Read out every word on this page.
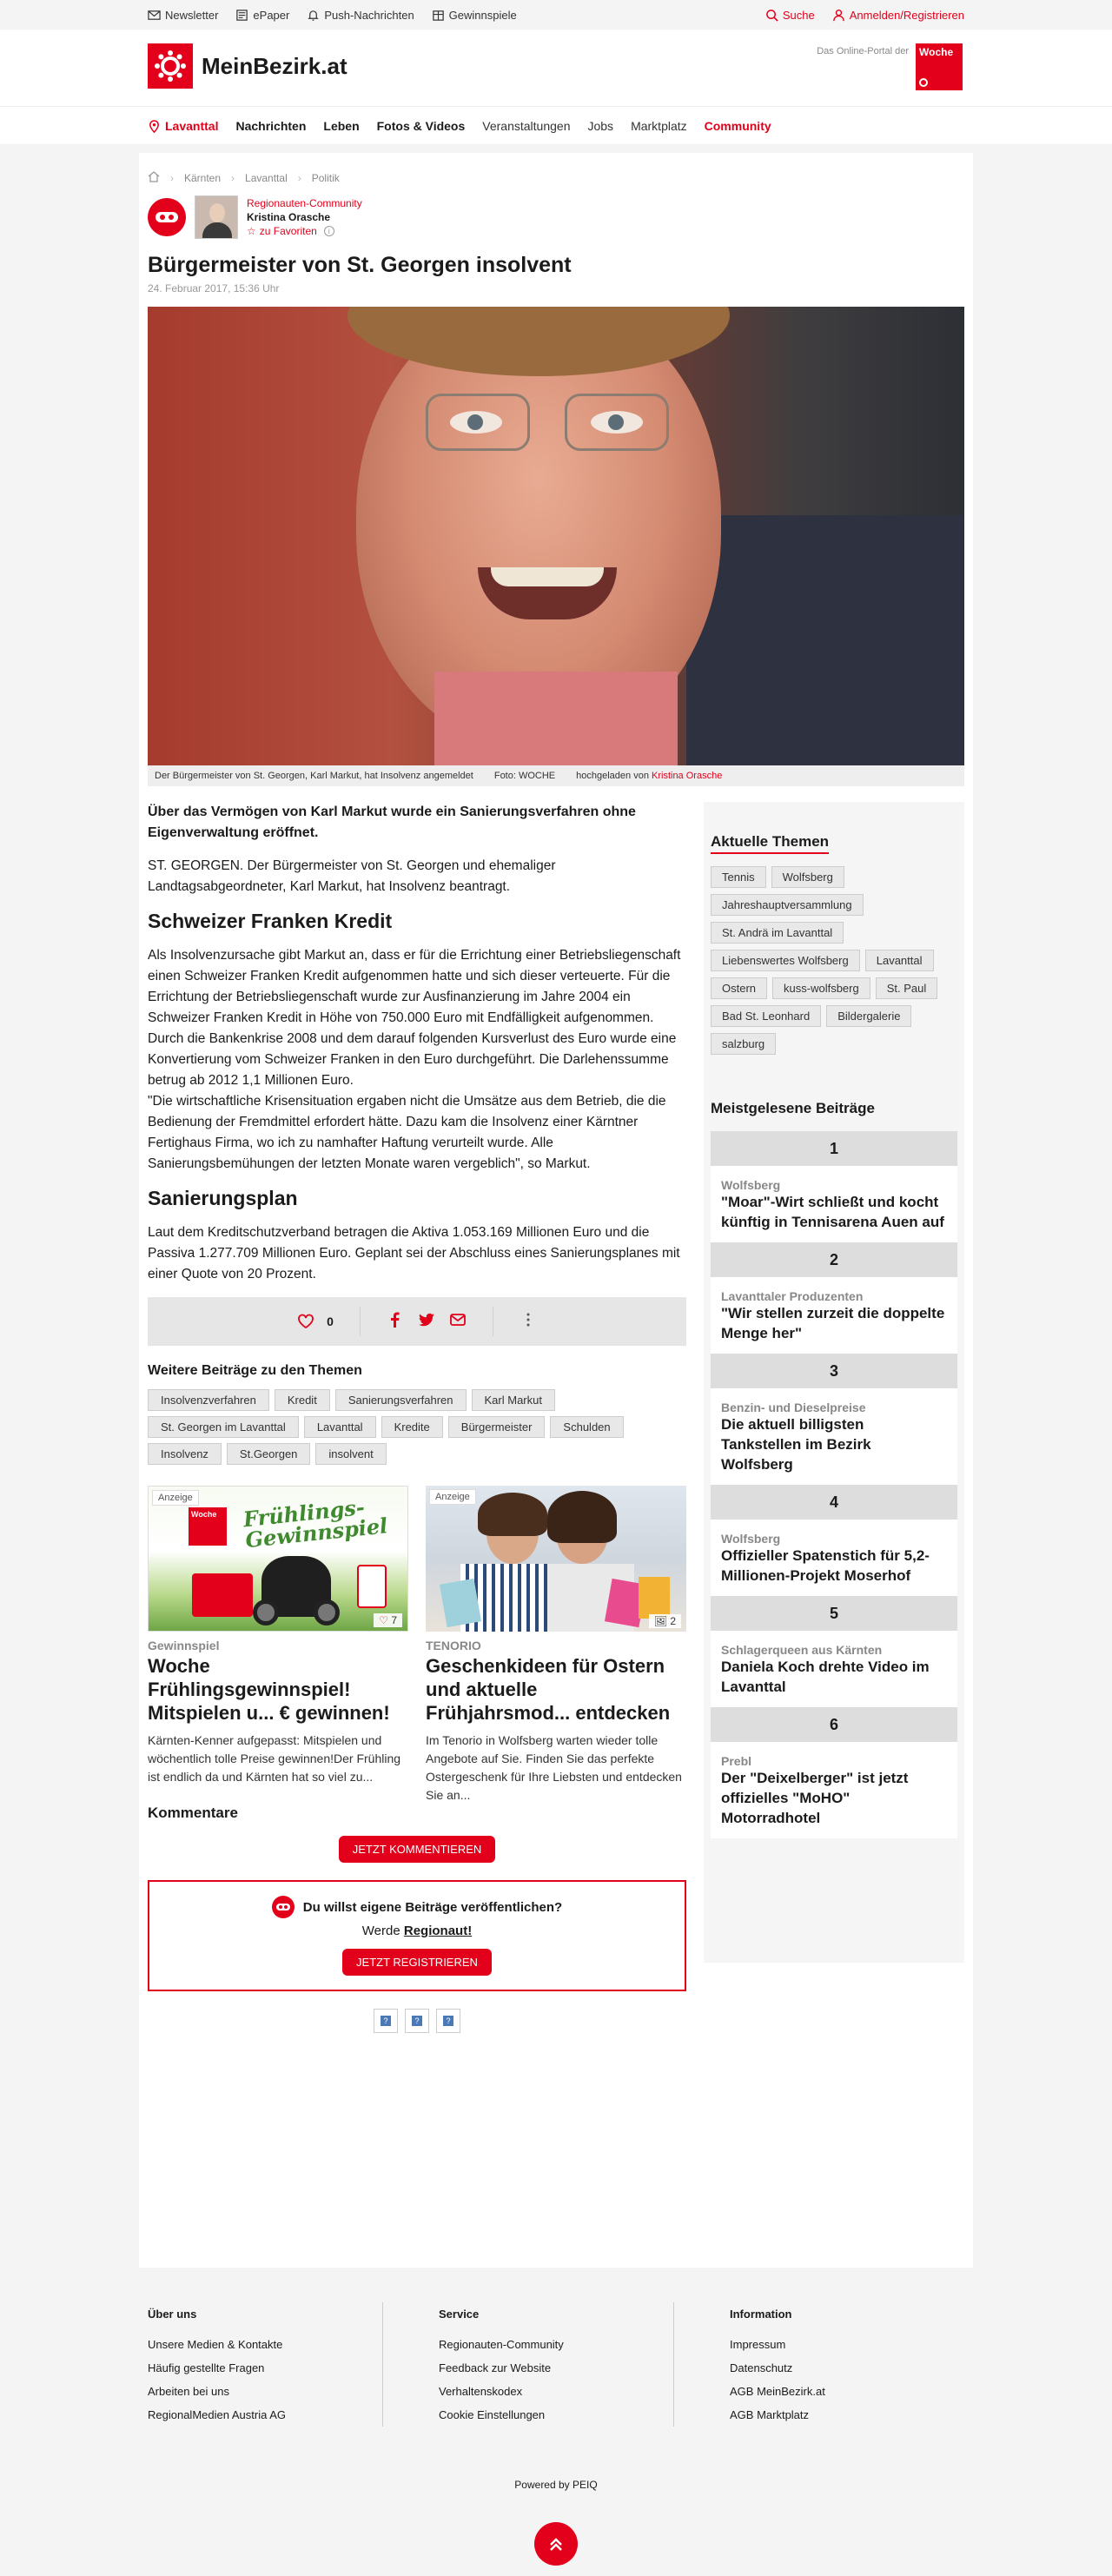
Newsletter	ePaper	Push-Nachrichten	Gewinnspiele	Suche	Anmelden/Registrieren
MeinBezirk.at
Das Online-Portal der	Woche
Lavanttal Nachrichten Leben Fotos & Videos Veranstaltungen Jobs Marktplatz Community
› Kärnten › Lavanttal › Politik
Regionauten-Community
Kristina Orasche
☆ zu Favoriten	i
Bürgermeister von St. Georgen insolvent
24. Februar 2017, 15:36 Uhr
Der Bürgermeister von St. Georgen, Karl Markut, hat Insolvenz angemeldet Foto: WOCHE hochgeladen von Kristina Orasche

Über das Vermögen von Karl Markut wurde ein Sanierungsverfahren ohne Eigenverwaltung eröffnet.

ST. GEORGEN. Der Bürgermeister von St. Georgen und ehemaliger Landtagsabgeordneter, Karl Markut, hat Insolvenz beantragt.

Schweizer Franken Kredit

Als Insolvenzursache gibt Markut an, dass er für die Errichtung einer Betriebsliegenschaft einen Schweizer Franken Kredit aufgenommen hatte und sich dieser verteuerte. Für die Errichtung der Betriebsliegenschaft wurde zur Ausfinanzierung im Jahre 2004 ein Schweizer Franken Kredit in Höhe von 750.000 Euro mit Endfälligkeit aufgenommen. Durch die Bankenkrise 2008 und dem darauf folgenden Kursverlust des Euro wurde eine Konvertierung vom Schweizer Franken in den Euro durchgeführt. Die Darlehenssumme betrug ab 2012 1,1 Millionen Euro.

"Die wirtschaftliche Krisensituation ergaben nicht die Umsätze aus dem Betrieb, die die Bedienung der Fremdmittel erfordert hätte. Dazu kam die Insolvenz einer Kärntner Fertighaus Firma, wo ich zu namhafter Haftung verurteilt wurde. Alle Sanierungsbemühungen der letzten Monate waren vergeblich", so Markut.

Sanierungsplan

Laut dem Kreditschutzverband betragen die Aktiva 1.053.169 Millionen Euro und die Passiva 1.277.709 Millionen Euro. Geplant sei der Abschluss eines Sanierungsplanes mit einer Quote von 20 Prozent.

0
Weitere Beiträge zu den Themen
Insolvenzverfahren	Kredit	Sanierungsverfahren	Karl Markut
St. Georgen im Lavanttal	Lavanttal	Kredite	Bürgermeister	Schulden
Insolvenz	St.Georgen	insolvent
Anzeige Frühlings-Gewinnspiel
Woche
♡ 7
Gewinnspiel
Woche Frühlingsgewinnspiel! Mitspielen u... € gewinnen!
Kärnten-Kenner aufgepasst: Mitspielen und wöchentlich tolle Preise gewinnen!Der Frühling ist endlich da und Kärnten hat so viel zu...
Anzeige
🖼 2
TENORIO
Geschenkideen für Ostern und aktuelle Frühjahrsmod... entdecken
Im Tenorio in Wolfsberg warten wieder tolle Angebote auf Sie. Finden Sie das perfekte Ostergeschenk für Ihre Liebsten und entdecken Sie an...
Kommentare
JETZT KOMMENTIEREN
Du willst eigene Beiträge veröffentlichen?
Werde Regionaut!
JETZT REGISTRIEREN
?	?	?
Aktuelle Themen
Tennis	Wolfsberg
Jahreshauptversammlung
St. Andrä im Lavanttal
Liebenswertes Wolfsberg	Lavanttal
Ostern	kuss-wolfsberg	St. Paul
Bad St. Leonhard	Bildergalerie
salzburg
Meistgelesene Beiträge
1
Wolfsberg
"Moar"-Wirt schließt und kocht künftig in Tennisarena Auen auf
2
Lavanttaler Produzenten
"Wir stellen zurzeit die doppelte Menge her"
3
Benzin- und Dieselpreise
Die aktuell billigsten Tankstellen im Bezirk Wolfsberg
4
Wolfsberg
Offizieller Spatenstich für 5,2-Millionen-Projekt Moserhof
5
Schlagerqueen aus Kärnten
Daniela Koch drehte Video im Lavanttal
6
Prebl
Der "Deixelberger" ist jetzt offizielles "MoHO" Motorradhotel
Über uns
Unsere Medien & Kontakte
Häufig gestellte Fragen
Arbeiten bei uns
RegionalMedien Austria AG
Service
Regionauten-Community
Feedback zur Website
Verhaltenskodex
Cookie Einstellungen
Information
Impressum
Datenschutz
AGB MeinBezirk.at
AGB Marktplatz
Powered by PEIQ
